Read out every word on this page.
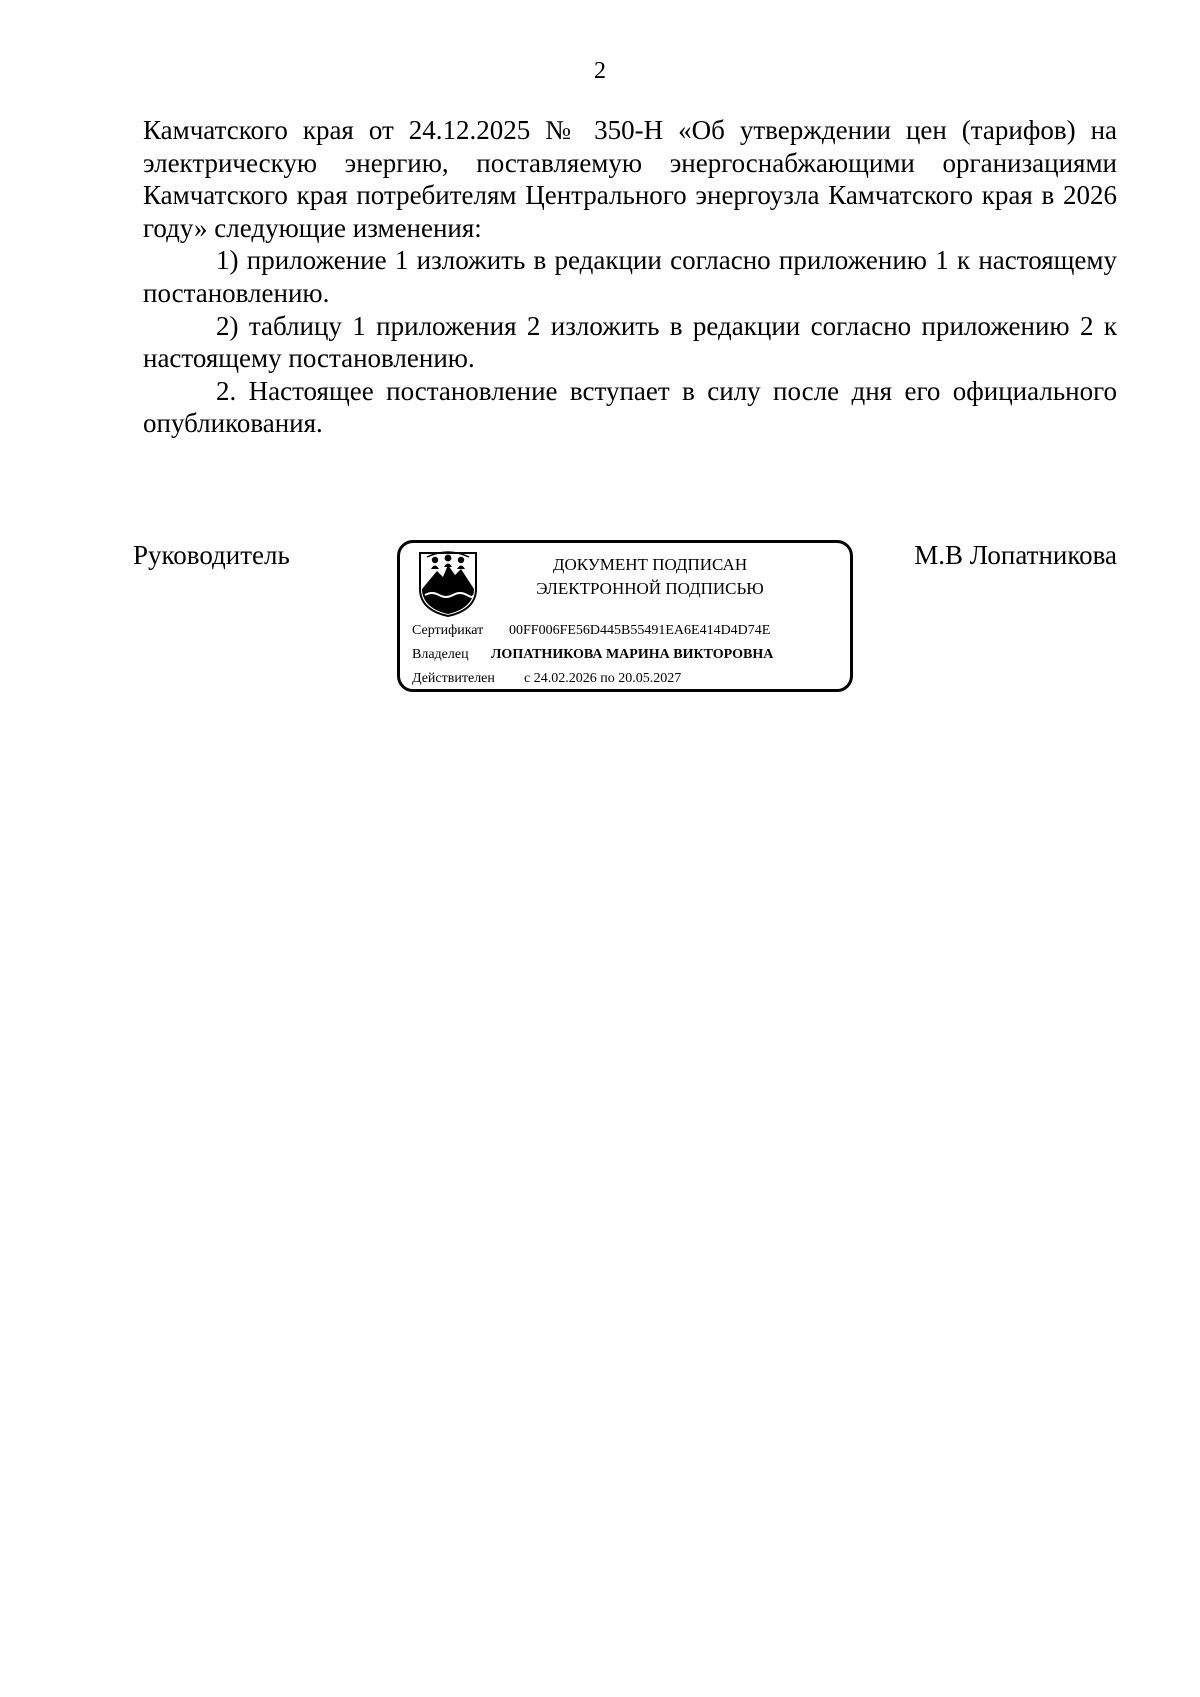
2

Камчатского края от 24.12.2025 № 350-Н «Об утверждении цен (тарифов) на электрическую энергию, поставляемую энергоснабжающими организациями Камчатского края потребителям Центрального энергоузла Камчатского края в 2026 году» следующие изменения:

1) приложение 1 изложить в редакции согласно приложению 1 к настоящему постановлению.

2) таблицу 1 приложения 2 изложить в редакции согласно приложению 2 к настоящему постановлению.

2. Настоящее постановление вступает в силу после дня его официального опубликования.

Руководитель	М.В Лопатникова
ДОКУМЕНТ ПОДПИСАН
ЭЛЕКТРОННОЙ ПОДПИСЬЮ
Сертификат 00FF006FE56D445B55491EA6E414D4D74E
Владелец ЛОПАТНИКОВА МАРИНА ВИКТОРОВНА
Действителен с 24.02.2026 по 20.05.2027
